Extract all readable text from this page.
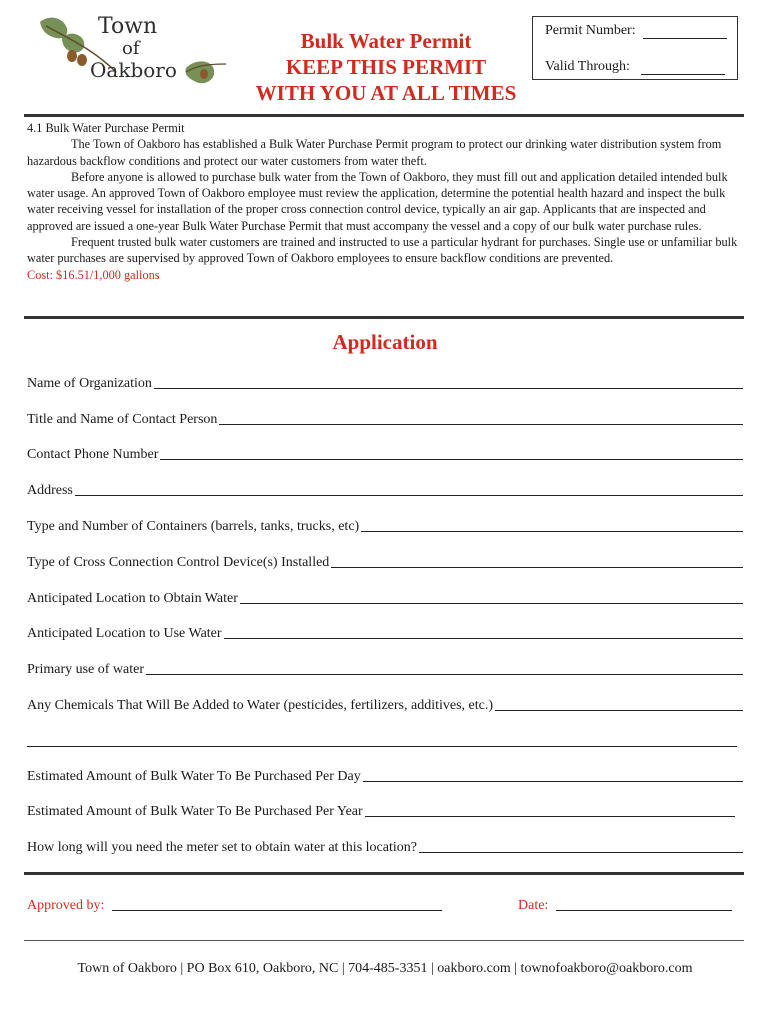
Town
of
Oakboro
Bulk Water Permit
KEEP THIS PERMIT
WITH YOU AT ALL TIMES
Permit Number:
Valid Through:

4.1 Bulk Water Purchase Permit

The Town of Oakboro has established a Bulk Water Purchase Permit program to protect our drinking water distribution system from hazardous backflow conditions and protect our water customers from water theft.

Before anyone is allowed to purchase bulk water from the Town of Oakboro, they must fill out and application detailed intended bulk water usage. An approved Town of Oakboro employee must review the application, determine the potential health hazard and inspect the bulk water receiving vessel for installation of the proper cross connection control device, typically an air gap. Applicants that are inspected and approved are issued a one-year Bulk Water Purchase Permit that must accompany the vessel and a copy of our bulk water purchase rules.

Frequent trusted bulk water customers are trained and instructed to use a particular hydrant for purchases. Single use or unfamiliar bulk water purchases are supervised by approved Town of Oakboro employees to ensure backflow conditions are prevented.

Cost: $16.51/1,000 gallons

Application
Name of Organization
Title and Name of Contact Person
Contact Phone Number
Address
Type and Number of Containers (barrels, tanks, trucks, etc)
Type of Cross Connection Control Device(s) Installed
Anticipated Location to Obtain Water
Anticipated Location to Use Water
Primary use of water
Any Chemicals That Will Be Added to Water (pesticides, fertilizers, additives, etc.)
Estimated Amount of Bulk Water To Be Purchased Per Day
Estimated Amount of Bulk Water To Be Purchased Per Year
How long will you need the meter set to obtain water at this location?
Approved by:	Date:
Town of Oakboro | PO Box 610, Oakboro, NC | 704-485-3351 | oakboro.com | townofoakboro@oakboro.com
